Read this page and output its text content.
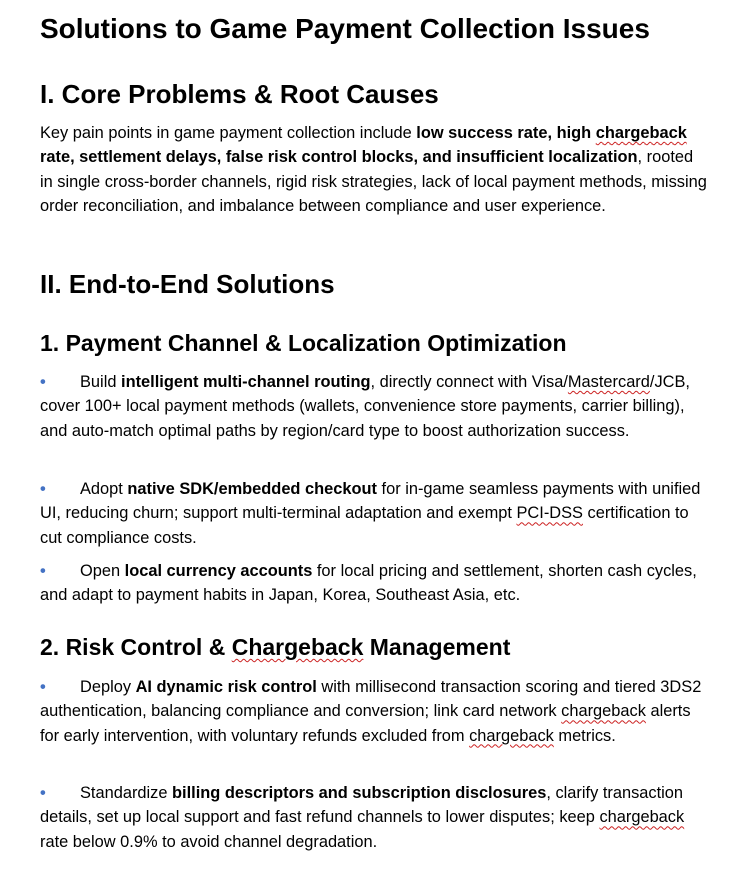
Solutions to Game Payment Collection Issues
I. Core Problems & Root Causes

Key pain points in game payment collection include low success rate, high chargeback rate, settlement delays, false risk control blocks, and insufficient localization, rooted in single cross-border channels, rigid risk strategies, lack of local payment methods, missing order reconciliation, and imbalance between compliance and user experience.

II. End-to-End Solutions
1. Payment Channel & Localization Optimization

• Build intelligent multi-channel routing, directly connect with Visa/Mastercard/JCB, cover 100+ local payment methods (wallets, convenience store payments, carrier billing), and auto-match optimal paths by region/card type to boost authorization success.

• Adopt native SDK/embedded checkout for in-game seamless payments with unified UI, reducing churn; support multi-terminal adaptation and exempt PCI-DSS certification to cut compliance costs.

• Open local currency accounts for local pricing and settlement, shorten cash cycles, and adapt to payment habits in Japan, Korea, Southeast Asia, etc.

2. Risk Control & Chargeback Management

• Deploy AI dynamic risk control with millisecond transaction scoring and tiered 3DS2 authentication, balancing compliance and conversion; link card network chargeback alerts for early intervention, with voluntary refunds excluded from chargeback metrics.

• Standardize billing descriptors and subscription disclosures, clarify transaction details, set up local support and fast refund channels to lower disputes; keep chargeback rate below 0.9% to avoid channel degradation.
